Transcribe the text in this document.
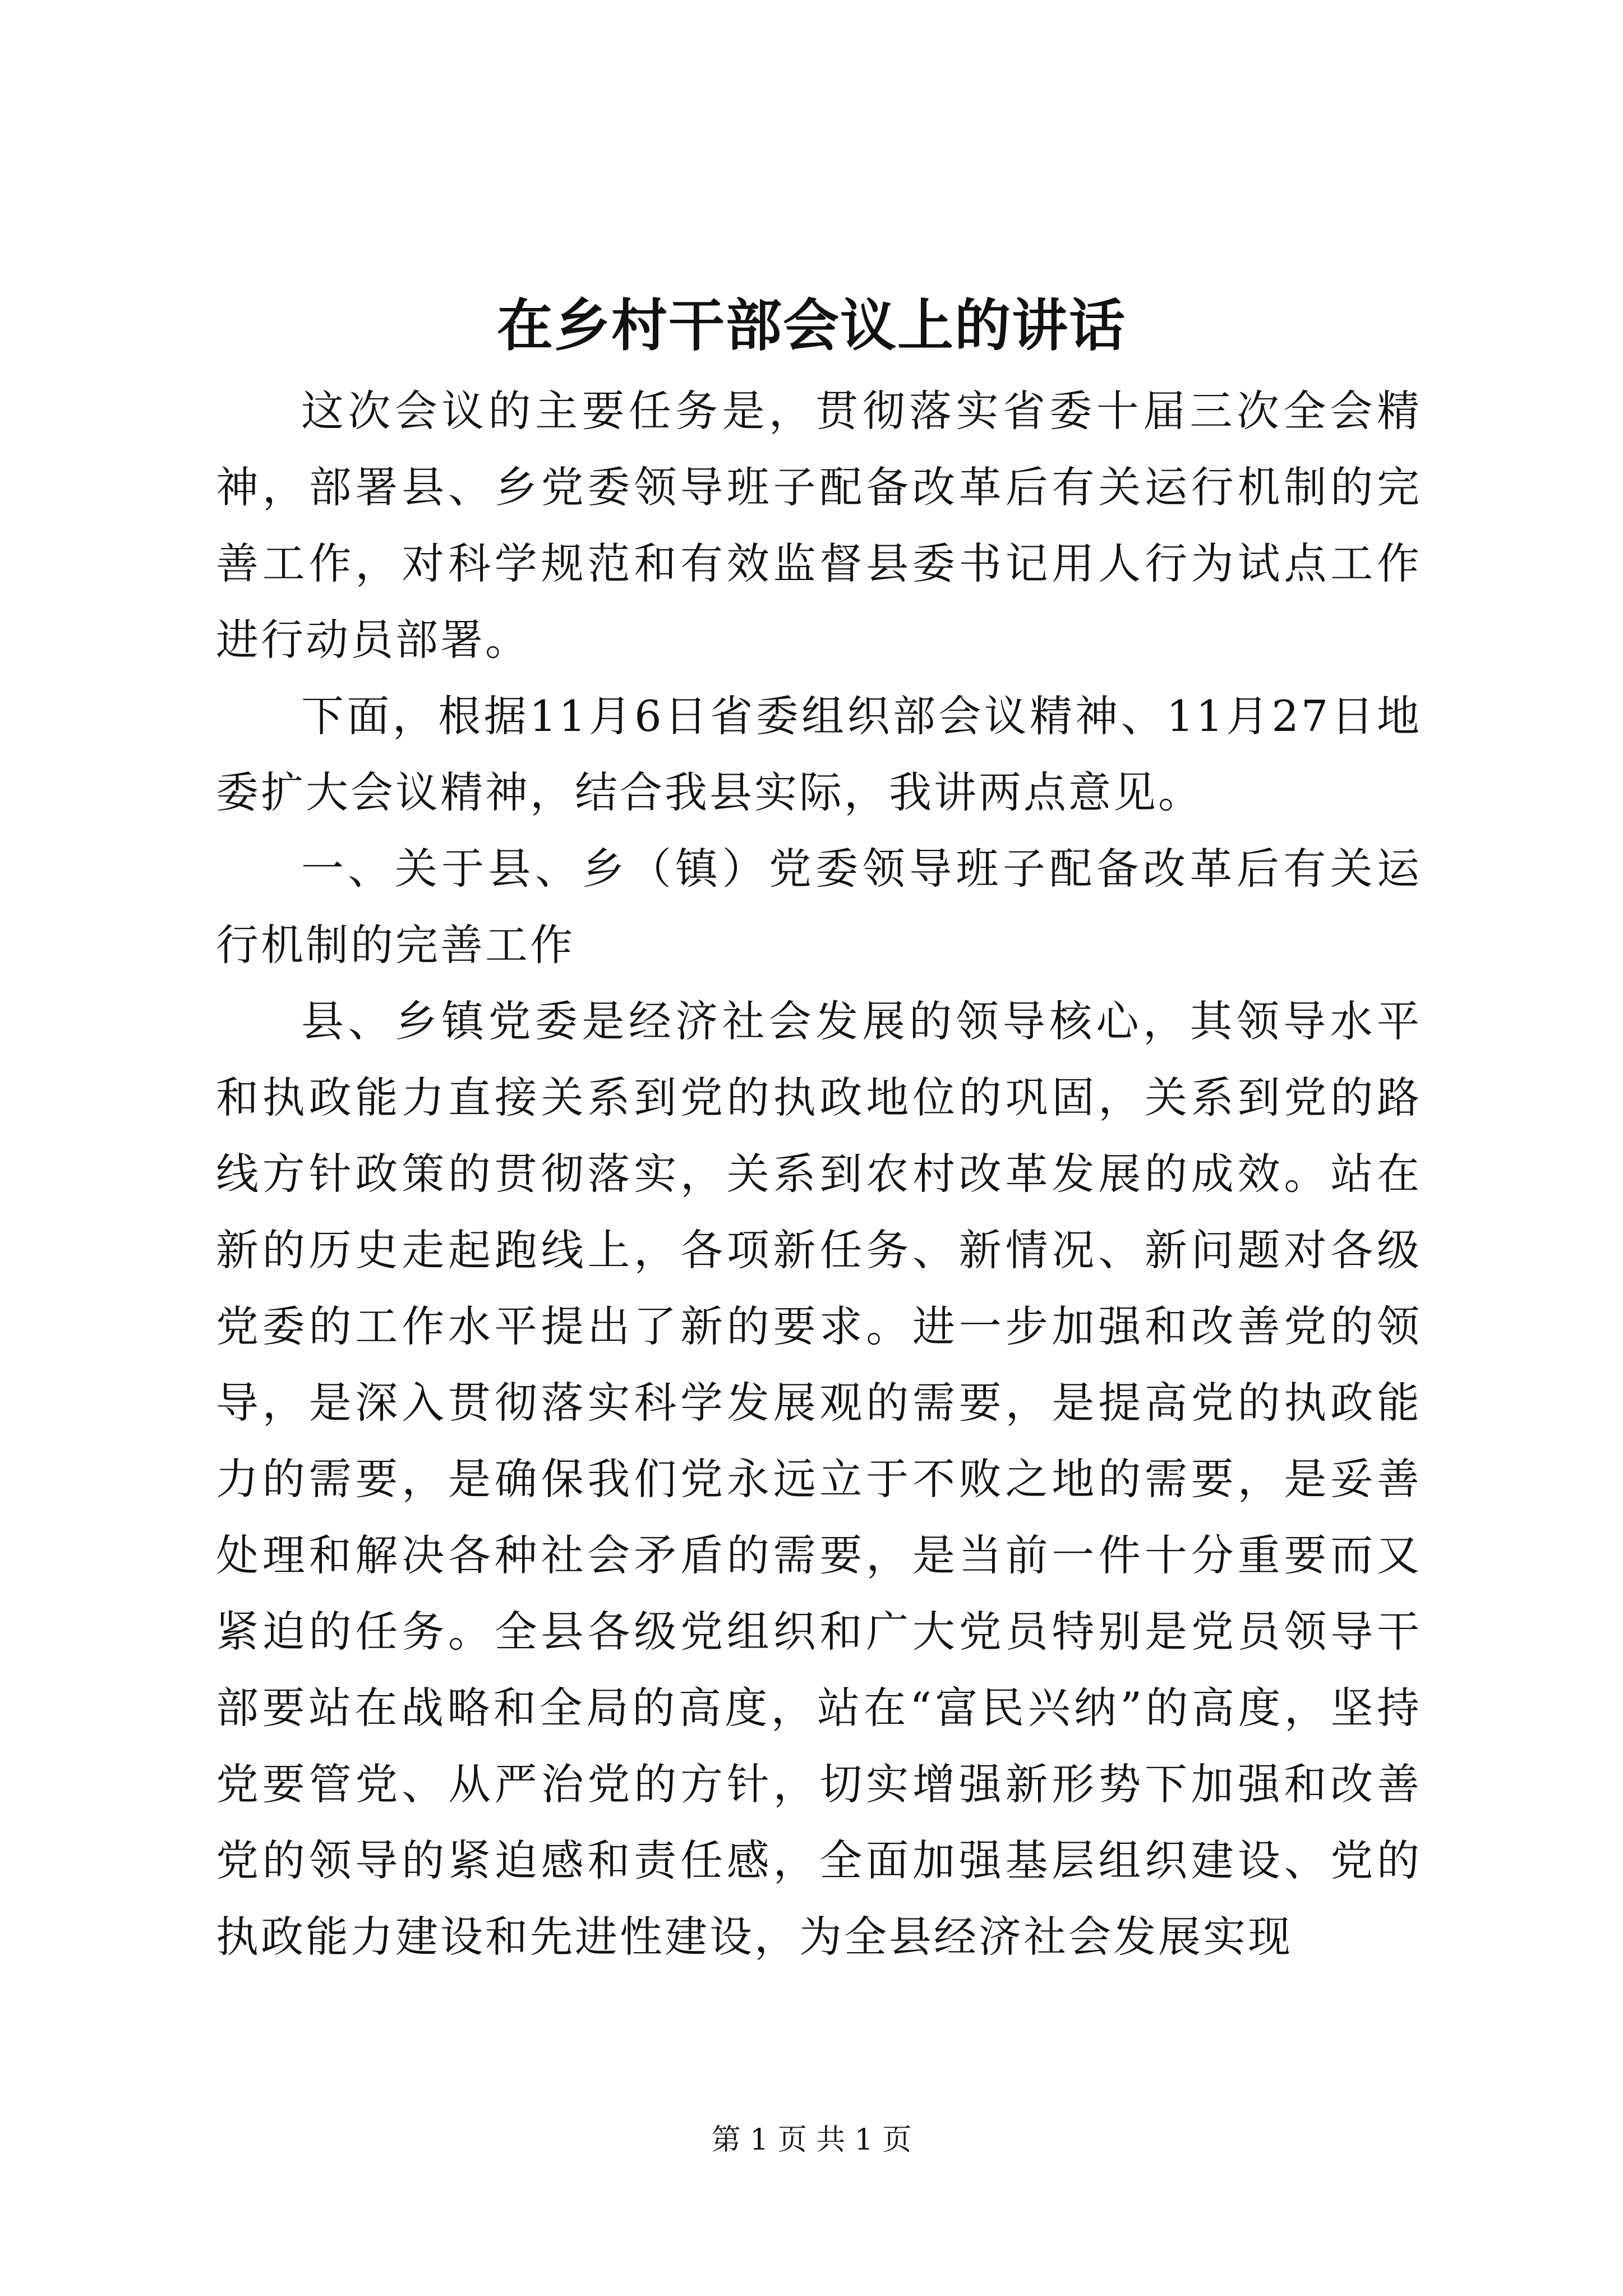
在乡村干部会议上的讲话

这次会议的主要任务是，贯彻落实省委十届三次全会精神，部署县、乡党委领导班子配备改革后有关运行机制的完善工作，对科学规范和有效监督县委书记用人行为试点工作进行动员部署。

下面，根据11月6日省委组织部会议精神、11月27日地委扩大会议精神，结合我县实际，我讲两点意见。

一、关于县、乡（镇）党委领导班子配备改革后有关运行机制的完善工作

县、乡镇党委是经济社会发展的领导核心，其领导水平和执政能力直接关系到党的执政地位的巩固，关系到党的路线方针政策的贯彻落实，关系到农村改革发展的成效。站在新的历史走起跑线上，各项新任务、新情况、新问题对各级党委的工作水平提出了新的要求。进一步加强和改善党的领导，是深入贯彻落实科学发展观的需要，是提高党的执政能力的需要，是确保我们党永远立于不败之地的需要，是妥善处理和解决各种社会矛盾的需要，是当前一件十分重要而又紧迫的任务。全县各级党组织和广大党员特别是党员领导干部要站在战略和全局的高度，站在“富民兴纳”的高度，坚持党要管党、从严治党的方针，切实增强新形势下加强和改善党的领导的紧迫感和责任感，全面加强基层组织建设、党的执政能力建设和先进性建设，为全县经济社会发展实现

第 1 页 共 1 页
